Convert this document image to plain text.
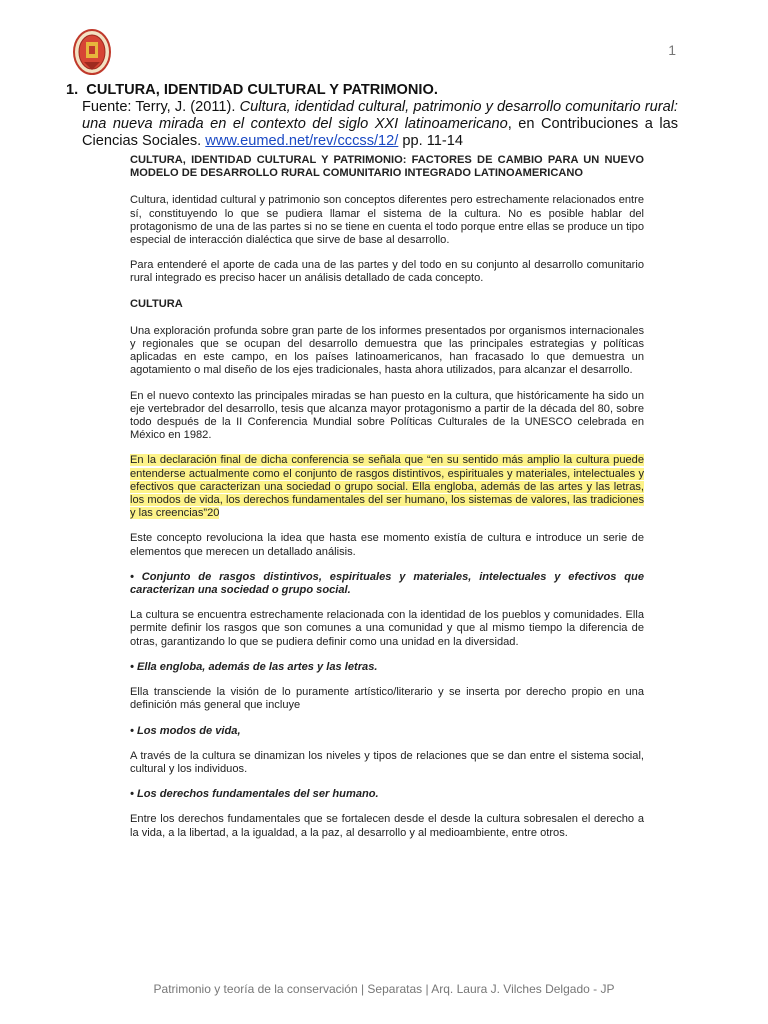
1
1.  CULTURA, IDENTIDAD CULTURAL Y PATRIMONIO.
Fuente: Terry, J. (2011). Cultura, identidad cultural, patrimonio y desarrollo comunitario rural: una nueva mirada en el contexto del siglo XXI latinoamericano, en Contribuciones a las Ciencias Sociales. www.eumed.net/rev/cccss/12/ pp. 11-14

CULTURA, IDENTIDAD CULTURAL Y PATRIMONIO: FACTORES DE CAMBIO PARA UN NUEVO MODELO DE DESARROLLO RURAL COMUNITARIO INTEGRADO LATINOAMERICANO

Cultura, identidad cultural y patrimonio son conceptos diferentes pero estrechamente relacionados entre sí, constituyendo lo que se pudiera llamar el sistema de la cultura. No es posible hablar del protagonismo de una de las partes si no se tiene en cuenta el todo porque entre ellas se produce un tipo especial de interacción dialéctica que sirve de base al desarrollo.

Para entenderé el aporte de cada una de las partes y del todo en su conjunto al desarrollo comunitario rural integrado es preciso hacer un análisis detallado de cada concepto.

CULTURA

Una exploración profunda sobre gran parte de los informes presentados por organismos internacionales y regionales que se ocupan del desarrollo demuestra que las principales estrategias y políticas aplicadas en este campo, en los países latinoamericanos, han fracasado lo que demuestra un agotamiento o mal diseño de los ejes tradicionales, hasta ahora utilizados, para alcanzar el desarrollo.

En el nuevo contexto las principales miradas se han puesto en la cultura, que históricamente ha sido un eje vertebrador del desarrollo, tesis que alcanza mayor protagonismo a partir de la década del 80, sobre todo después de la II Conferencia Mundial sobre Políticas Culturales de la UNESCO celebrada en México en 1982.

En la declaración final de dicha conferencia se señala que “en su sentido más amplio la cultura puede entenderse actualmente como el conjunto de rasgos distintivos, espirituales y materiales, intelectuales y efectivos que caracterizan una sociedad o grupo social. Ella engloba, además de las artes y las letras, los modos de vida, los derechos fundamentales del ser humano, los sistemas de valores, las tradiciones y las creencias”20

Este concepto revoluciona la idea que hasta ese momento existía de cultura e introduce un serie de elementos que merecen un detallado análisis.

• Conjunto de rasgos distintivos, espirituales y materiales, intelectuales y efectivos que caracterizan una sociedad o grupo social.

La cultura se encuentra estrechamente relacionada con la identidad de los pueblos y comunidades. Ella permite definir los rasgos que son comunes a una comunidad y que al mismo tiempo la diferencia de otras, garantizando lo que se pudiera definir como una unidad en la diversidad.

• Ella engloba, además de las artes y las letras.

Ella transciende la visión de lo puramente artístico/literario y se inserta por derecho propio en una definición más general que incluye

• Los modos de vida,

A través de la cultura se dinamizan los niveles y tipos de relaciones que se dan entre el sistema social, cultural y los individuos.

• Los derechos fundamentales del ser humano.

Entre los derechos fundamentales que se fortalecen desde el desde la cultura sobresalen el derecho a la vida, a la libertad, a la igualdad, a la paz, al desarrollo y al medioambiente, entre otros.

Patrimonio y teoría de la conservación | Separatas | Arq. Laura J. Vilches Delgado - JP
